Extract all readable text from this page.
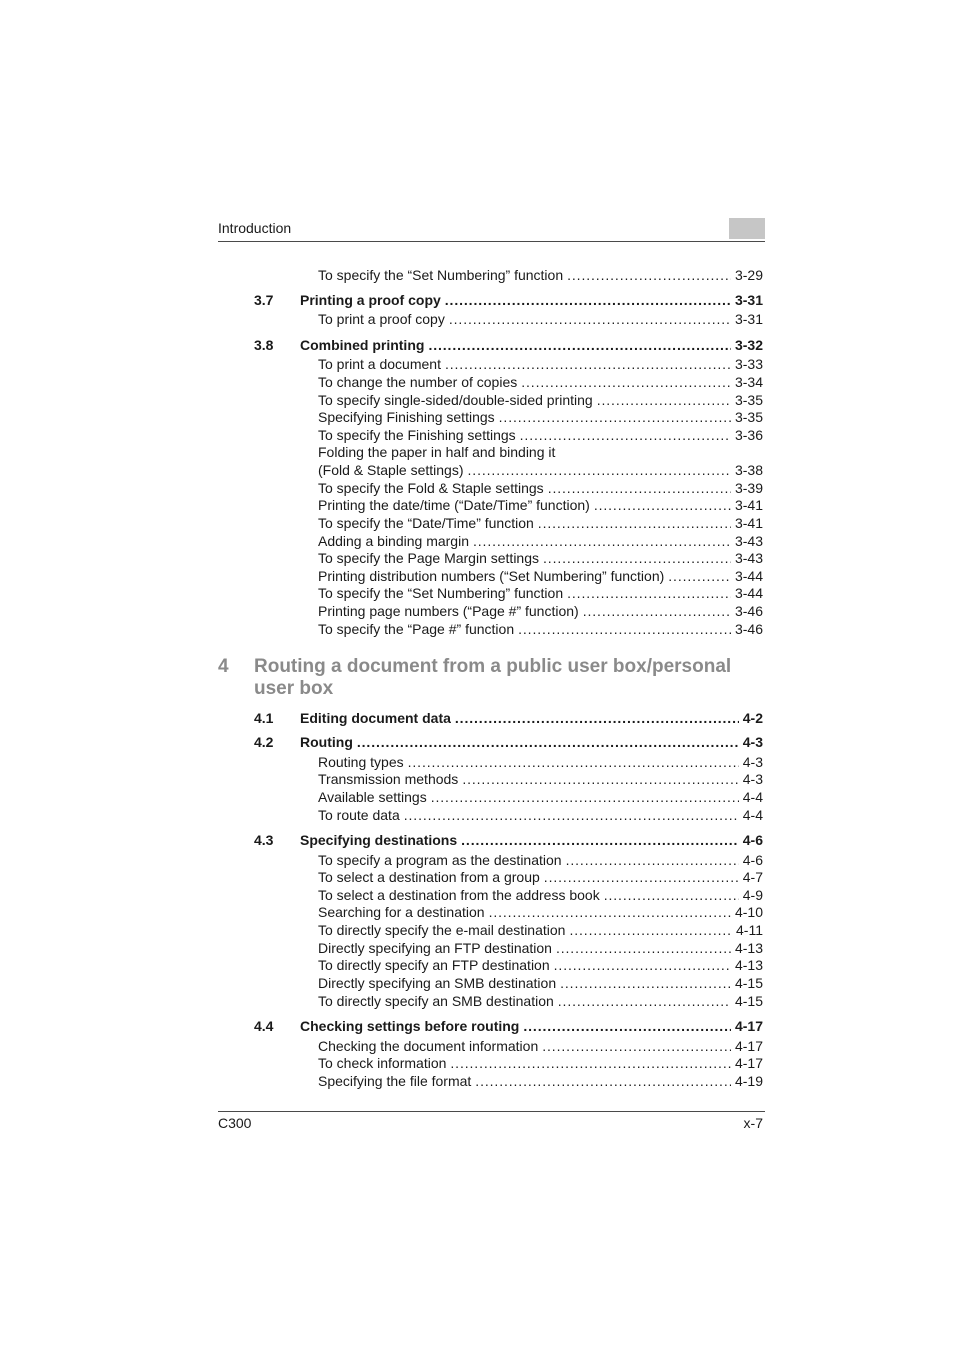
Introduction
To specify the “Set Numbering” function . . .	3-29
3.7 Printing a proof copy . . .	3-31
To print a proof copy . . .	3-31
3.8 Combined printing . . .	3-32
To print a document . . .	3-33
To change the number of copies . . .	3-34
To specify single-sided/double-sided printing . . .	3-35
Specifying Finishing settings . . .	3-35
To specify the Finishing settings . . .	3-36
Folding the paper in half and binding it
(Fold & Staple settings) . . .	3-38
To specify the Fold & Staple settings . . .	3-39
Printing the date/time (“Date/Time” function) . . .	3-41
To specify the “Date/Time” function . . .	3-41
Adding a binding margin . . .	3-43
To specify the Page Margin settings . . .	3-43
Printing distribution numbers (“Set Numbering” function) . . .	3-44
To specify the “Set Numbering” function . . .	3-44
Printing page numbers (“Page #” function) . . .	3-46
To specify the “Page #” function . . .	3-46
4.1 Editing document data . . .	4-2
4.2 Routing . . .	4-3
Routing types . . .	4-3
Transmission methods . . .	4-3
Available settings . . .	4-4
To route data . . .	4-4
4.3 Specifying destinations . . .	4-6
To specify a program as the destination . . .	4-6
To select a destination from a group . . .	4-7
To select a destination from the address book . . .	4-9
Searching for a destination . . .	4-10
To directly specify the e-mail destination . . .	4-11
Directly specifying an FTP destination . . .	4-13
To directly specify an FTP destination . . .	4-13
Directly specifying an SMB destination . . .	4-15
To directly specify an SMB destination . . .	4-15
4.4 Checking settings before routing . . .	4-17
Checking the document information . . .	4-17
To check information . . .	4-17
Specifying the file format . . .	4-19
4 Routing a document from a public user box/personal user box
C300	x-7
